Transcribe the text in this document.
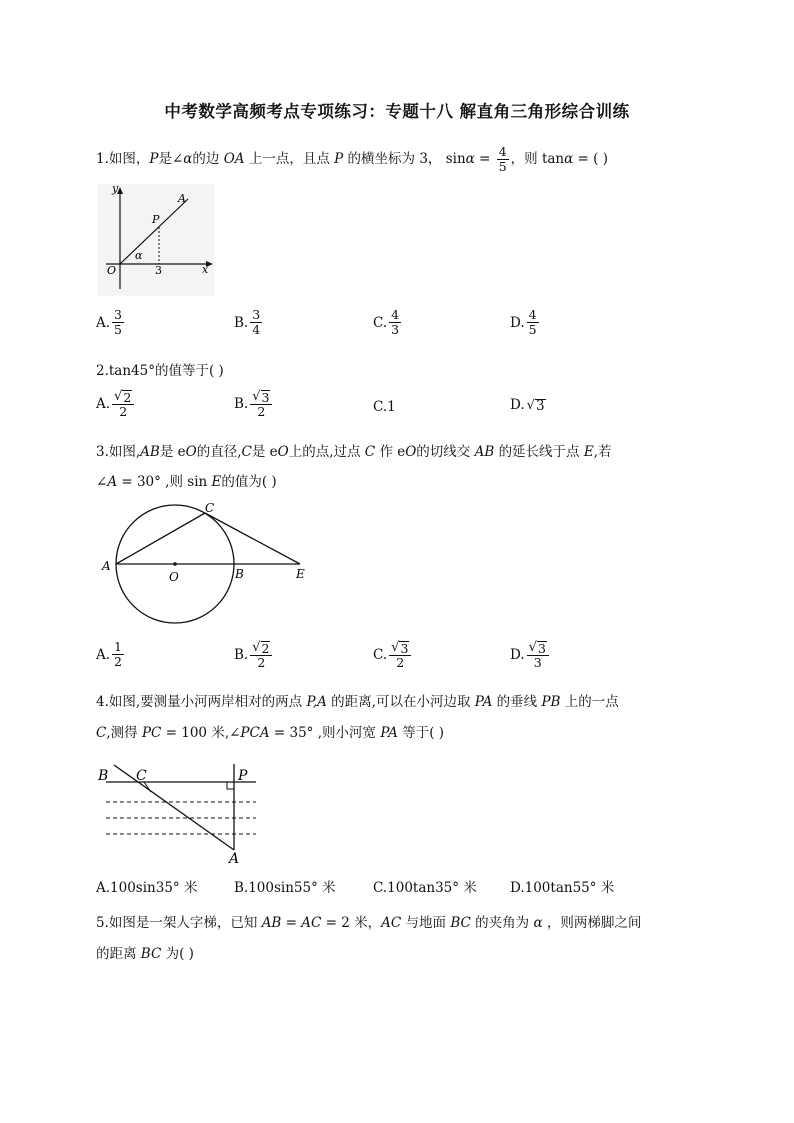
中考数学高频考点专项练习：专题十八 解直角三角形综合训练
1.如图，P是∠α的边 OA 上一点，且点 P 的横坐标为 3， $\sin\alpha = \frac{4}{5}$ ，则 tanα = ( )
y
x
O
P
A
α
3
A. $\frac{3}{5}$	B. $\frac{3}{4}$	C. $\frac{4}{3}$	D. $\frac{4}{5}$
2.tan45°的值等于( )
A. $\frac{√ 2}{2}$	B. $\frac{√ 3}{2}$	C. 1	D. √ 3
3.如图,AB是 eO的直径,C是 eO上的点,过点 C 作 eO的切线交 AB 的延长线于点 E,若
∠A = 30° ,则 sin E的值为( )
A
B
C
O	E
A. $\frac{1}{2}$	B. $\frac{√ 2}{2}$	C. $\frac{√ 3}{2}$	D. $\frac{√ 3}{3}$
4.如图,要测量小河两岸相对的两点 P,A 的距离,可以在小河边取 PA 的垂线 PB 上的一点
C,测得 PC = 100 米,∠PCA = 35° ,则小河宽 PA 等于( )
B C	P
A
A.100sin35° 米	B.100sin55° 米	C.100tan35° 米 D.100tan55° 米
5.如图是一架人字梯，已知 AB = AC = 2 米，AC 与地面 BC 的夹角为 α ，则两梯脚之间
的距离 BC 为( )
